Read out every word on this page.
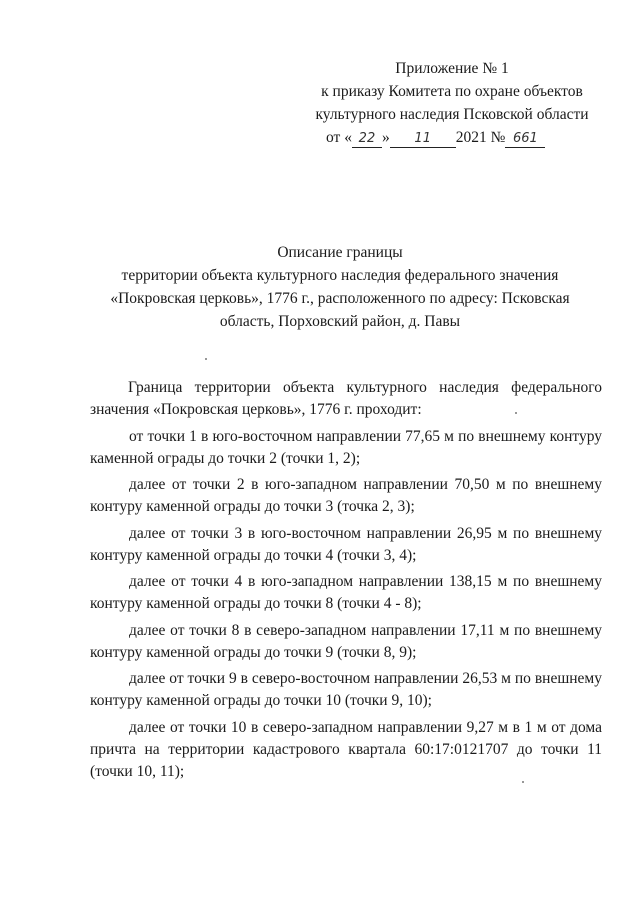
Приложение № 1
к приказу Комитета по охране объектов
культурного наследия Псковской области
от « 22 » 11 2021 № 661
Описание границы
территории объекта культурного наследия федерального значения
«Покровская церковь», 1776 г., расположенного по адресу: Псковская
область, Порховский район, д. Павы

Граница территории объекта культурного наследия федерального значения «Покровская церковь», 1776 г. проходит:

от точки 1 в юго-восточном направлении 77,65 м по внешнему контуру каменной ограды до точки 2 (точки 1, 2);

далее от точки 2 в юго-западном направлении 70,50 м по внешнему контуру каменной ограды до точки 3 (точка 2, 3);

далее от точки 3 в юго-восточном направлении 26,95 м по внешнему контуру каменной ограды до точки 4 (точки 3, 4);

далее от точки 4 в юго-западном направлении 138,15 м по внешнему контуру каменной ограды до точки 8 (точки 4 - 8);

далее от точки 8 в северо-западном направлении 17,11 м по внешнему контуру каменной ограды до точки 9 (точки 8, 9);

далее от точки 9 в северо-восточном направлении 26,53 м по внешнему контуру каменной ограды до точки 10 (точки 9, 10);

далее от точки 10 в северо-западном направлении 9,27 м в 1 м от дома причта на территории кадастрового квартала 60:17:0121707 до точки 11 (точки 10, 11);
